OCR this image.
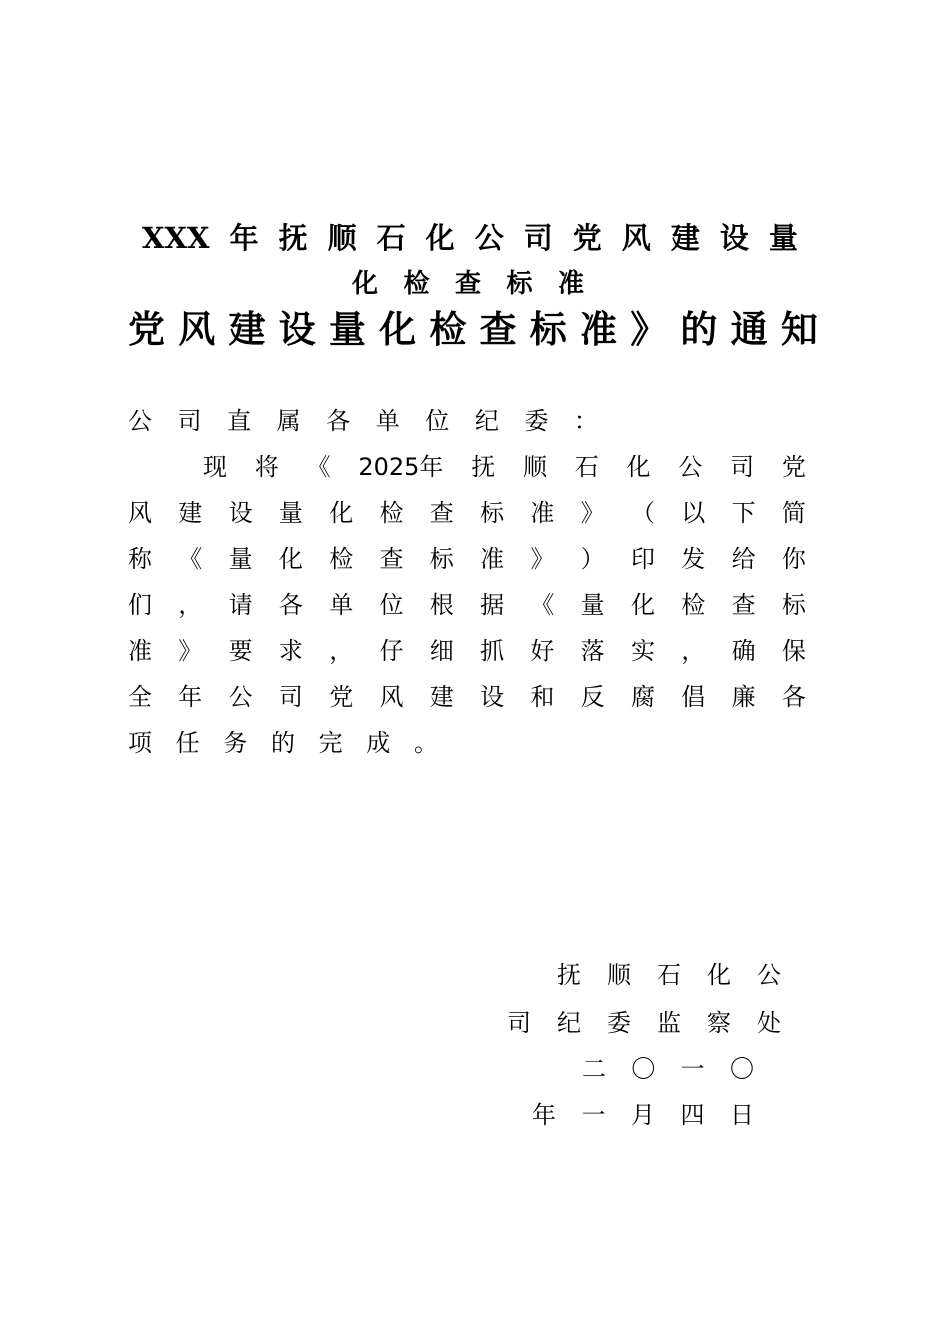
XXX 年 抚 顺 石 化 公 司 党 风 建 设 量
化 检 查 标 准
党 风 建 设 量 化 检 查 标 准 》 的 通 知
公 司 直 属 各 单 位 纪 委 ：
现 将 《 2025年 抚 顺 石 化 公 司 党
风 建 设 量 化 检 查 标 准 》 （ 以 下 简
称 《 量 化 检 查 标 准 》 ） 印 发 给 你
们 ， 请 各 单 位 根 据 《 量 化 检 查 标
准 》 要 求 ， 仔 细 抓 好 落 实 ， 确 保
全 年 公 司 党 风 建 设 和 反 腐 倡 廉 各
项 任 务 的 完 成 。
抚 顺 石 化 公
司 纪 委 监 察 处
二 〇 一 〇
年 一 月 四 日
